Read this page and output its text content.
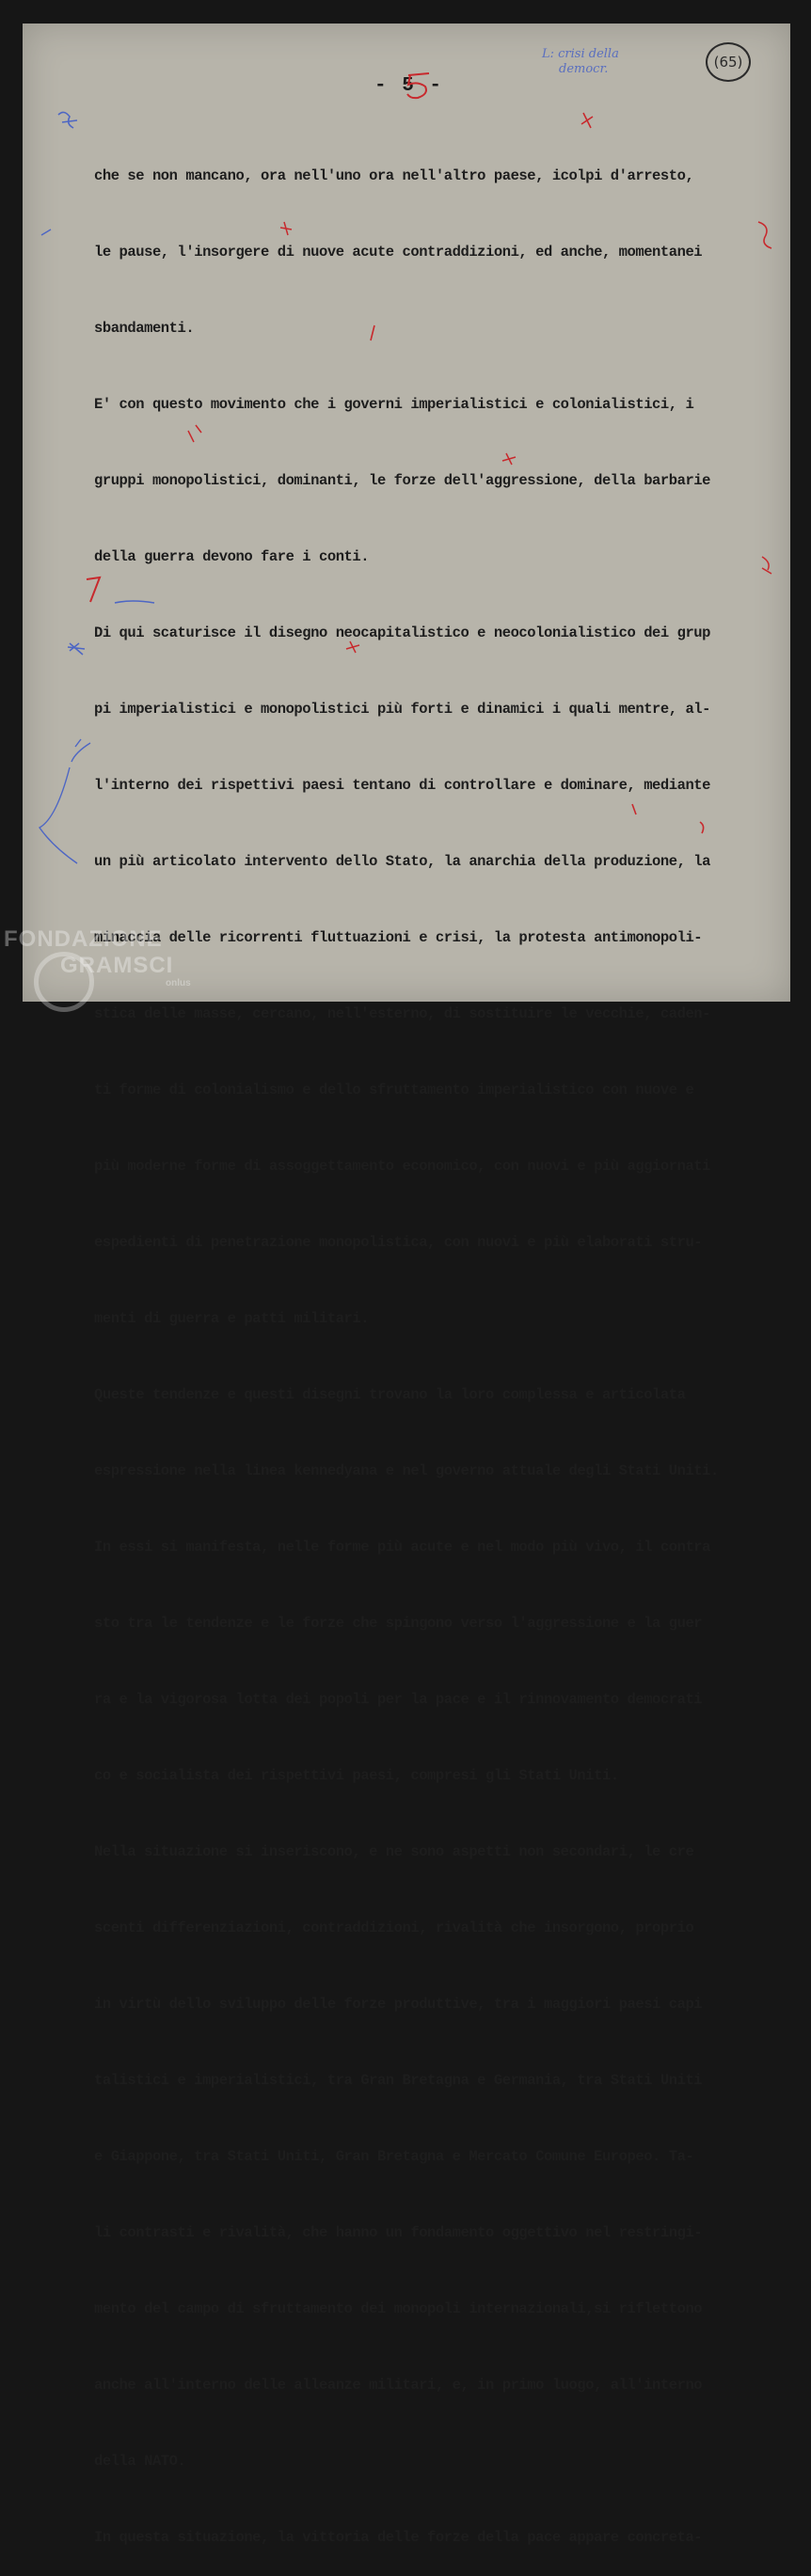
L: crisi della
democr.	(65)
- 5 -

che se non mancano, ora nell'uno ora nell'altro paese, icolpi d'arresto,

le pause, l'insorgere di nuove acute contraddizioni, ed anche, momentanei

sbandamenti.

E' con questo movimento che i governi imperialistici e colonialistici, i

gruppi monopolistici, dominanti, le forze dell'aggressione, della barbarie

della guerra devono fare i conti.

Di qui scaturisce il disegno neocapitalistico e neocolonialistico dei grup

pi imperialistici e monopolistici più forti e dinamici i quali mentre, al-

l'interno dei rispettivi paesi tentano di controllare e dominare, mediante

un più articolato intervento dello Stato, la anarchia della produzione, la

minaccia delle ricorrenti fluttuazioni e crisi, la protesta antimonopoli-

stica delle masse, cercano, nell'esterno, di sostituire le vecchie, caden-

ti forme di colonialismo e dello sfruttamento imperialistico con nuove e

più moderne forme di assoggettamento economico, con nuovi e più aggiornati

espedienti di penetrazione monopolistica, con nuovi e più elaborati stru-

menti di guerra e patti militari.

Queste tendenze e questi disegni trovano la loro complessa e articolata

espressione nella linea kennedyana e nel governo attuale degli Stati Uniti.

In essi si manifesta, nelle forme più acute e nel modo più vivo, il contra

sto tra le tendenze e le forze che spingono verso l'aggressione e la guer

ra e la vigorosa lotta dei popoli per la pace e il rinnovamento democrati

co e socialista dei rispettivi paesi, compresi gli Stati Uniti.

Nella situazione si inseriscono, e ne sono aspetti non secondari, le cre

scenti differenziazioni, contraddizioni, rivalità che insorgono, proprio

in virtù dello sviluppo delle forze produttive, tra i maggiori paesi capi

talistici e imperialistici, tra Gran Bretagna e Germania, tra Stati Uniti

e Giappone, tra Stati Uniti, Gran Bretagna e Mercato Comune Europeo. Ta-

li contrasti e rivalità, che hanno un fondamento oggettivo nel restringi-

mento del campo di sfruttamento dei monopoli internazionali,si riflettono

anche all'interno delle alleanze militari, e, in primo luogo, all'interno

della NATO.

In questa situazione, la vittoria delle forze della pace appare concreta-

FONDAZIONE
GRAMSCI
onlus
